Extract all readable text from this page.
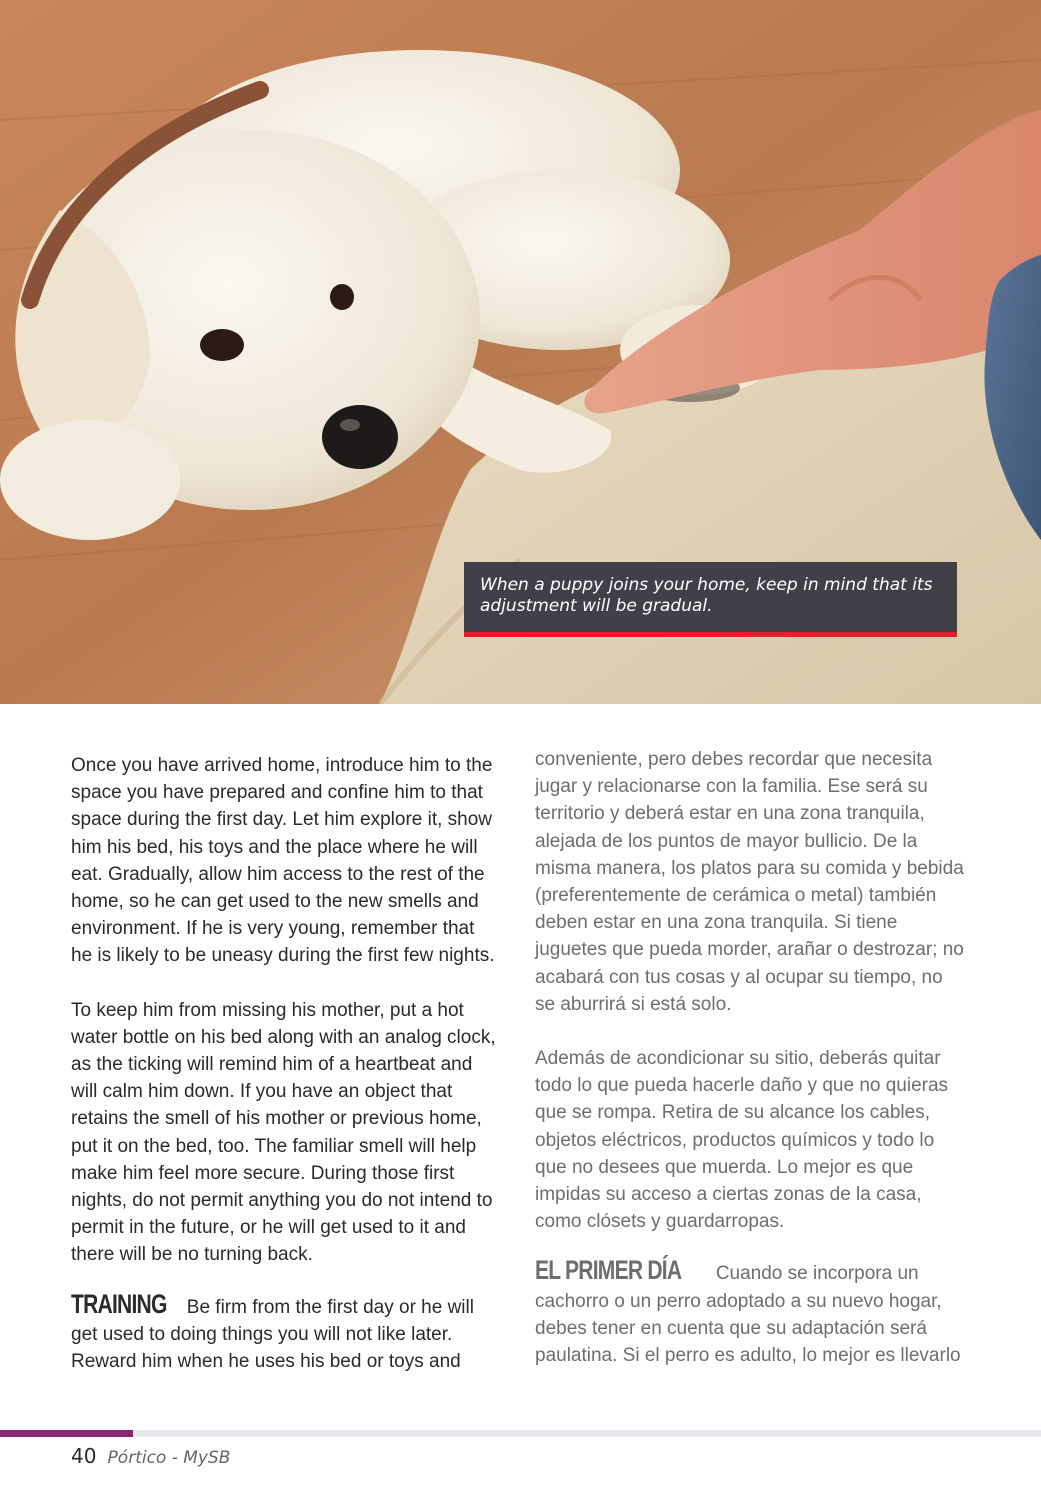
When a puppy joins your home, keep in mind that its adjustment will be gradual.

Once you have arrived home, introduce him to the space you have prepared and confine him to that space during the first day. Let him explore it, show him his bed, his toys and the place where he will eat. Gradually, allow him access to the rest of the home, so he can get used to the new smells and environment. If he is very young, remember that he is likely to be uneasy during the first few nights.

To keep him from missing his mother, put a hot water bottle on his bed along with an analog clock, as the ticking will remind him of a heartbeat and will calm him down. If you have an object that retains the smell of his mother or previous home, put it on the bed, too. The familiar smell will help make him feel more secure. During those first nights, do not permit anything you do not intend to permit in the future, or he will get used to it and there will be no turning back.

TRAINING Be firm from the first day or he will get used to doing things you will not like later. Reward him when he uses his bed or toys and

conveniente, pero debes recordar que necesita jugar y relacionarse con la familia. Ese será su territorio y deberá estar en una zona tranquila, alejada de los puntos de mayor bullicio. De la misma manera, los platos para su comida y bebida (preferentemente de cerámica o metal) también deben estar en una zona tranquila. Si tiene juguetes que pueda morder, arañar o destrozar; no acabará con tus cosas y al ocupar su tiempo, no se aburrirá si está solo.

Además de acondicionar su sitio, deberás quitar todo lo que pueda hacerle daño y que no quieras que se rompa. Retira de su alcance los cables, objetos eléctricos, productos químicos y todo lo que no desees que muerda. Lo mejor es que impidas su acceso a ciertas zonas de la casa, como clósets y guardarropas.

EL PRIMER DÍA Cuando se incorpora un cachorro o un perro adoptado a su nuevo hogar, debes tener en cuenta que su adaptación será paulatina. Si el perro es adulto, lo mejor es llevarlo

40 Pórtico - MySB
